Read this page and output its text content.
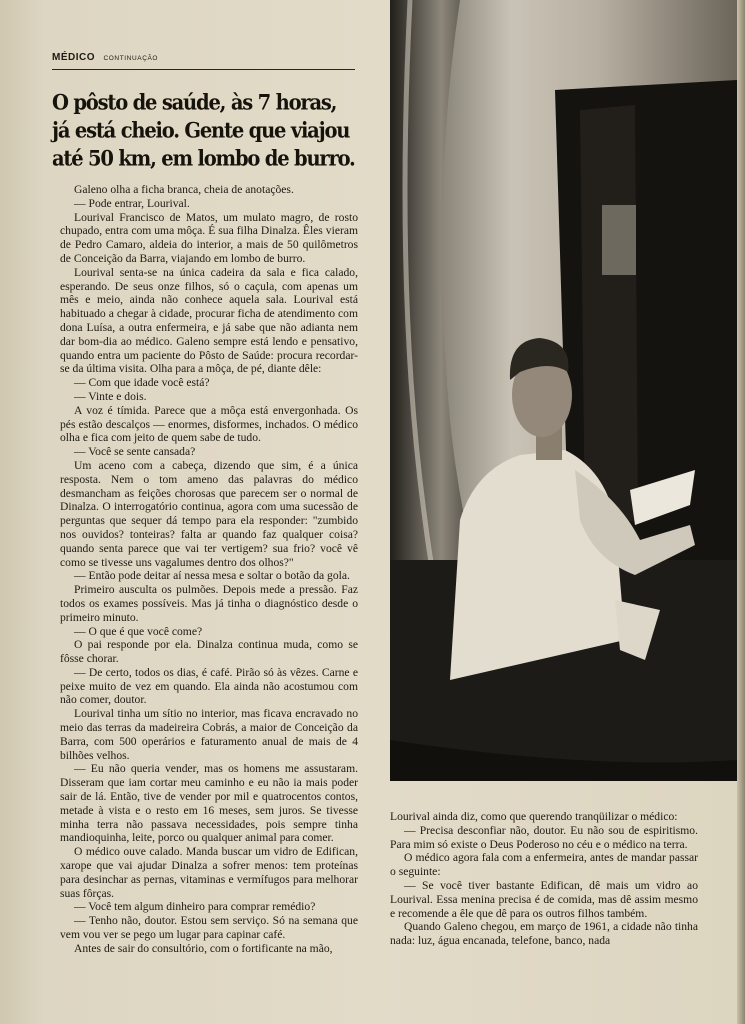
MÉDICO CONTINUAÇÃO
O pôsto de saúde, às 7 horas,
já está cheio. Gente que viajou
até 50 km, em lombo de burro.

Galeno olha a ficha branca, cheia de anotações.

— Pode entrar, Lourival.

Lourival Francisco de Matos, um mulato magro, de rosto chupado, entra com uma môça. É sua filha Dinalza. Êles vieram de Pedro Camaro, aldeia do interior, a mais de 50 quilômetros de Conceição da Barra, viajando em lombo de burro.

Lourival senta-se na única cadeira da sala e fica calado, esperando. De seus onze filhos, só o caçula, com apenas um mês e meio, ainda não conhece aquela sala. Lourival está habituado a chegar à cidade, procurar ficha de atendimento com dona Luísa, a outra enfermeira, e já sabe que não adianta nem dar bom-dia ao médico. Galeno sempre está lendo e pensativo, quando entra um paciente do Pôsto de Saúde: procura recordar-se da última visita. Olha para a môça, de pé, diante dêle:

— Com que idade você está?

— Vinte e dois.

A voz é tímida. Parece que a môça está envergonhada. Os pés estão descalços — enormes, disformes, inchados. O médico olha e fica com jeito de quem sabe de tudo.

— Você se sente cansada?

Um aceno com a cabeça, dizendo que sim, é a única resposta. Nem o tom ameno das palavras do médico desmancham as feições chorosas que parecem ser o normal de Dinalza. O interrogatório continua, agora com uma sucessão de perguntas que sequer dá tempo para ela responder: "zumbido nos ouvidos? tonteiras? falta ar quando faz qualquer coisa? quando senta parece que vai ter vertigem? sua frio? você vê como se tivesse uns vagalumes dentro dos olhos?"

— Então pode deitar aí nessa mesa e soltar o botão da gola.

Primeiro ausculta os pulmões. Depois mede a pressão. Faz todos os exames possíveis. Mas já tinha o diagnóstico desde o primeiro minuto.

— O que é que você come?

O pai responde por ela. Dinalza continua muda, como se fôsse chorar.

— De certo, todos os dias, é café. Pirão só às vêzes. Carne e peixe muito de vez em quando. Ela ainda não acostumou com não comer, doutor.

Lourival tinha um sítio no interior, mas ficava encravado no meio das terras da madeireira Cobrás, a maior de Conceição da Barra, com 500 operários e faturamento anual de mais de 4 bilhões velhos.

— Eu não queria vender, mas os homens me assustaram. Disseram que iam cortar meu caminho e eu não ia mais poder sair de lá. Então, tive de vender por mil e quatrocentos contos, metade à vista e o resto em 16 meses, sem juros. Se tivesse minha terra não passava necessidades, pois sempre tinha mandioquinha, leite, porco ou qualquer animal para comer.

O médico ouve calado. Manda buscar um vidro de Edifican, xarope que vai ajudar Dinalza a sofrer menos: tem proteínas para desinchar as pernas, vitaminas e vermífugos para melhorar suas fôrças.

— Você tem algum dinheiro para comprar remédio?

— Tenho não, doutor. Estou sem serviço. Só na semana que vem vou ver se pego um lugar para capinar café.

Antes de sair do consultório, com o fortificante na mão,

Lourival ainda diz, como que querendo tranqüilizar o médico:

— Precisa desconfiar não, doutor. Eu não sou de espiritismo. Para mim só existe o Deus Poderoso no céu e o médico na terra.

O médico agora fala com a enfermeira, antes de mandar passar o seguinte:

— Se você tiver bastante Edifican, dê mais um vidro ao Lourival. Essa menina precisa é de comida, mas dê assim mesmo e recomende a êle que dê para os outros filhos também.

Quando Galeno chegou, em março de 1961, a cidade não tinha nada: luz, água encanada, telefone, banco, nada
